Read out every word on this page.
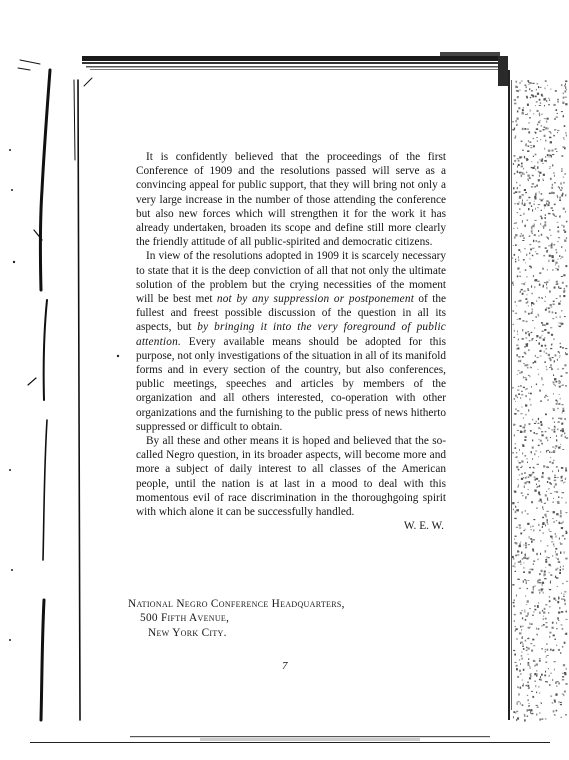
It is confidently believed that the proceedings of the first Conference of 1909 and the resolutions passed will serve as a convincing appeal for public support, that they will bring not only a very large increase in the number of those attending the conference but also new forces which will strengthen it for the work it has already undertaken, broaden its scope and define still more clearly the friendly attitude of all public-spirited and democratic citizens.

In view of the resolutions adopted in 1909 it is scarcely necessary to state that it is the deep conviction of all that not only the ultimate solution of the problem but the crying necessities of the moment will be best met not by any suppression or postponement of the fullest and freest possible discussion of the question in all its aspects, but by bringing it into the very foreground of public attention. Every available means should be adopted for this purpose, not only investigations of the situation in all of its manifold forms and in every section of the country, but also conferences, public meetings, speeches and articles by members of the organization and all others interested, co-operation with other organizations and the furnishing to the public press of news hitherto suppressed or difficult to obtain.

By all these and other means it is hoped and believed that the so-called Negro question, in its broader aspects, will become more and more a subject of daily interest to all classes of the American people, until the nation is at last in a mood to deal with this momentous evil of race discrimination in the thoroughgoing spirit with which alone it can be successfully handled.

W. E. W.

National Negro Conference Headquarters,
500 Fifth Avenue,
New York City.
7
